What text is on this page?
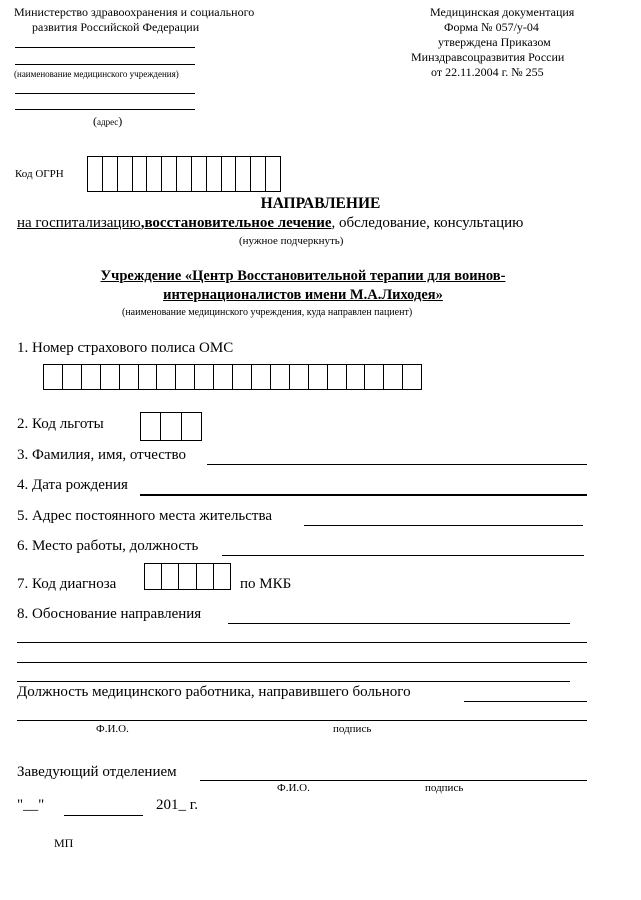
Министерство здравоохранения и социального
развития Российской Федерации
(наименование медицинского учреждения)
(адрес)
Медицинская документация
Форма № 057/у-04
утверждена Приказом
Минздравсоцразвития России
от 22.11.2004 г. № 255
Код ОГРН
НАПРАВЛЕНИЕ
на госпитализацию,восстановительное лечение, обследование, консультацию
(нужное подчеркнуть)
Учреждение «Центр Восстановительной терапии для воинов-
интернационалистов имени М.А.Лиходея»
(наименование медицинского учреждения, куда направлен пациент)
1. Номер страхового полиса ОМС
2. Код льготы
3. Фамилия, имя, отчество
4. Дата рождения
5. Адрес постоянного места жительства
6. Место работы, должность
7. Код диагноза	по МКБ
8. Обоснование направления
Должность медицинского работника, направившего больного
Ф.И.О.	подпись
Заведующий отделением
Ф.И.О.	подпись
"__"	201_ г.
МП
